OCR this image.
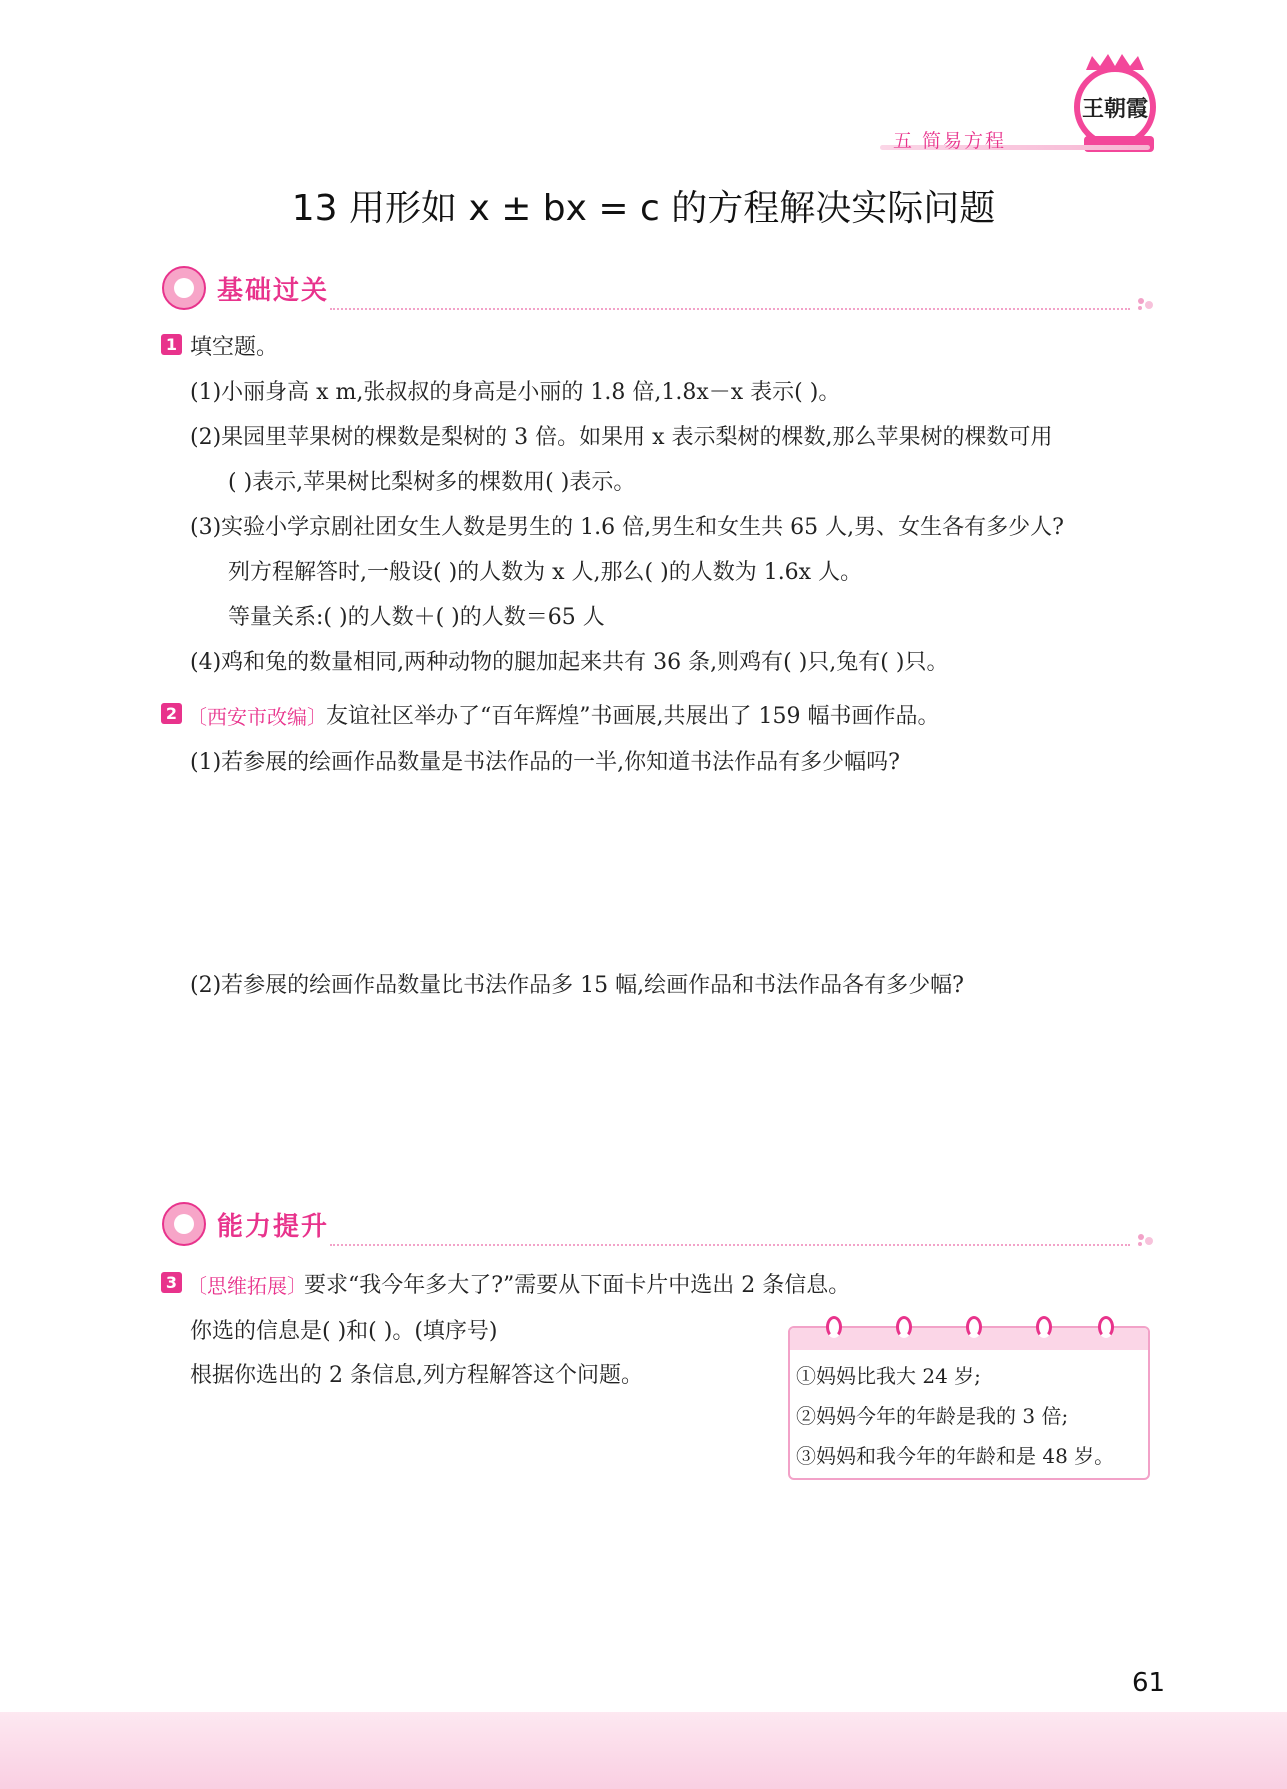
王朝霞
五 简易方程
13 用形如 x ± bx = c 的方程解决实际问题
基础过关
1 填空题。
(1)小丽身高 x m,张叔叔的身高是小丽的 1.8 倍,1.8x－x 表示( )。
(2)果园里苹果树的棵数是梨树的 3 倍。如果用 x 表示梨树的棵数,那么苹果树的棵数可用
( )表示,苹果树比梨树多的棵数用( )表示。
(3)实验小学京剧社团女生人数是男生的 1.6 倍,男生和女生共 65 人,男、女生各有多少人?
列方程解答时,一般设( )的人数为 x 人,那么( )的人数为 1.6x 人。
等量关系:( )的人数＋( )的人数＝65 人
(4)鸡和兔的数量相同,两种动物的腿加起来共有 36 条,则鸡有( )只,兔有( )只。
2 〔西安市改编〕 友谊社区举办了“百年辉煌”书画展,共展出了 159 幅书画作品。
(1)若参展的绘画作品数量是书法作品的一半,你知道书法作品有多少幅吗?
(2)若参展的绘画作品数量比书法作品多 15 幅,绘画作品和书法作品各有多少幅?
能力提升
3 〔思维拓展〕
要求“我今年多大了?”需要从下面卡片中选出 2 条信息。
你选的信息是( )和( )。(填序号)
根据你选出的 2 条信息,列方程解答这个问题。	①妈妈比我大 24 岁;
②妈妈今年的年龄是我的 3 倍;
③妈妈和我今年的年龄和是 48 岁。
61
